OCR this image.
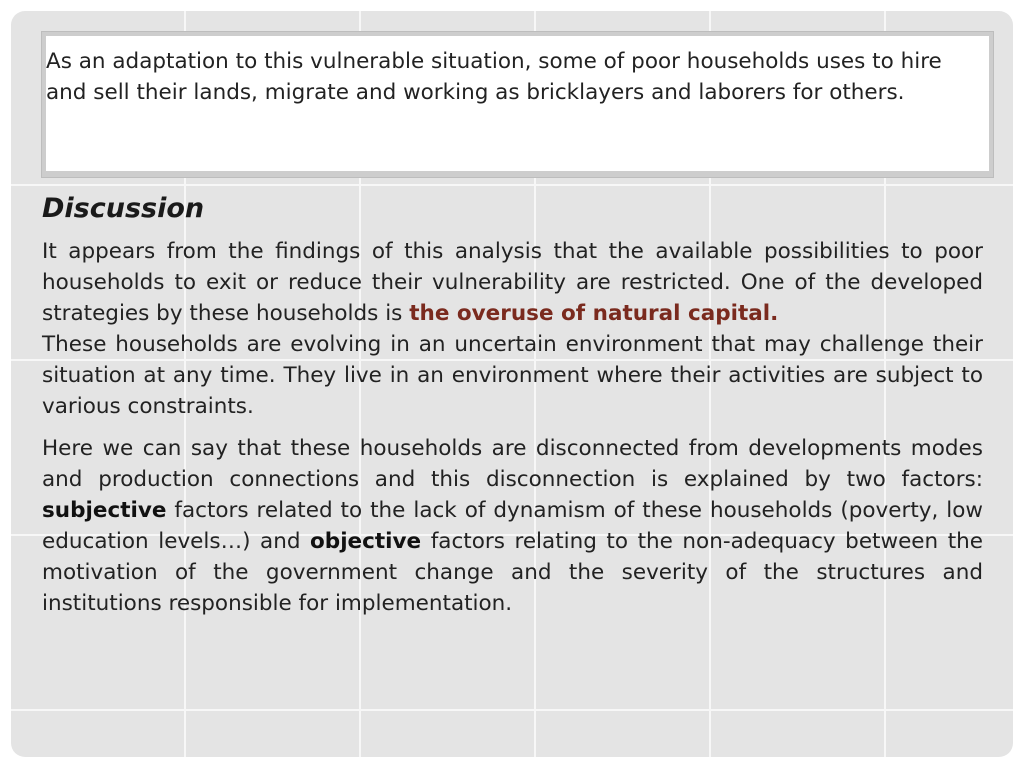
As an adaptation to this vulnerable situation, some of poor households uses to hire and sell their lands, migrate and working as bricklayers and laborers for others.

Discussion

It appears from the findings of this analysis that the available possibilities to poor households to exit or reduce their vulnerability are restricted. One of the developed strategies by these households is the overuse of natural capital.

These households are evolving in an uncertain environment that may challenge their situation at any time. They live in an environment where their activities are subject to various constraints.

Here we can say that these households are disconnected from developments modes and production connections and this disconnection is explained by two factors: subjective factors related to the lack of dynamism of these households (poverty, low education levels…) and objective factors relating to the non-adequacy between the motivation of the government change and the severity of the structures and institutions responsible for implementation.
